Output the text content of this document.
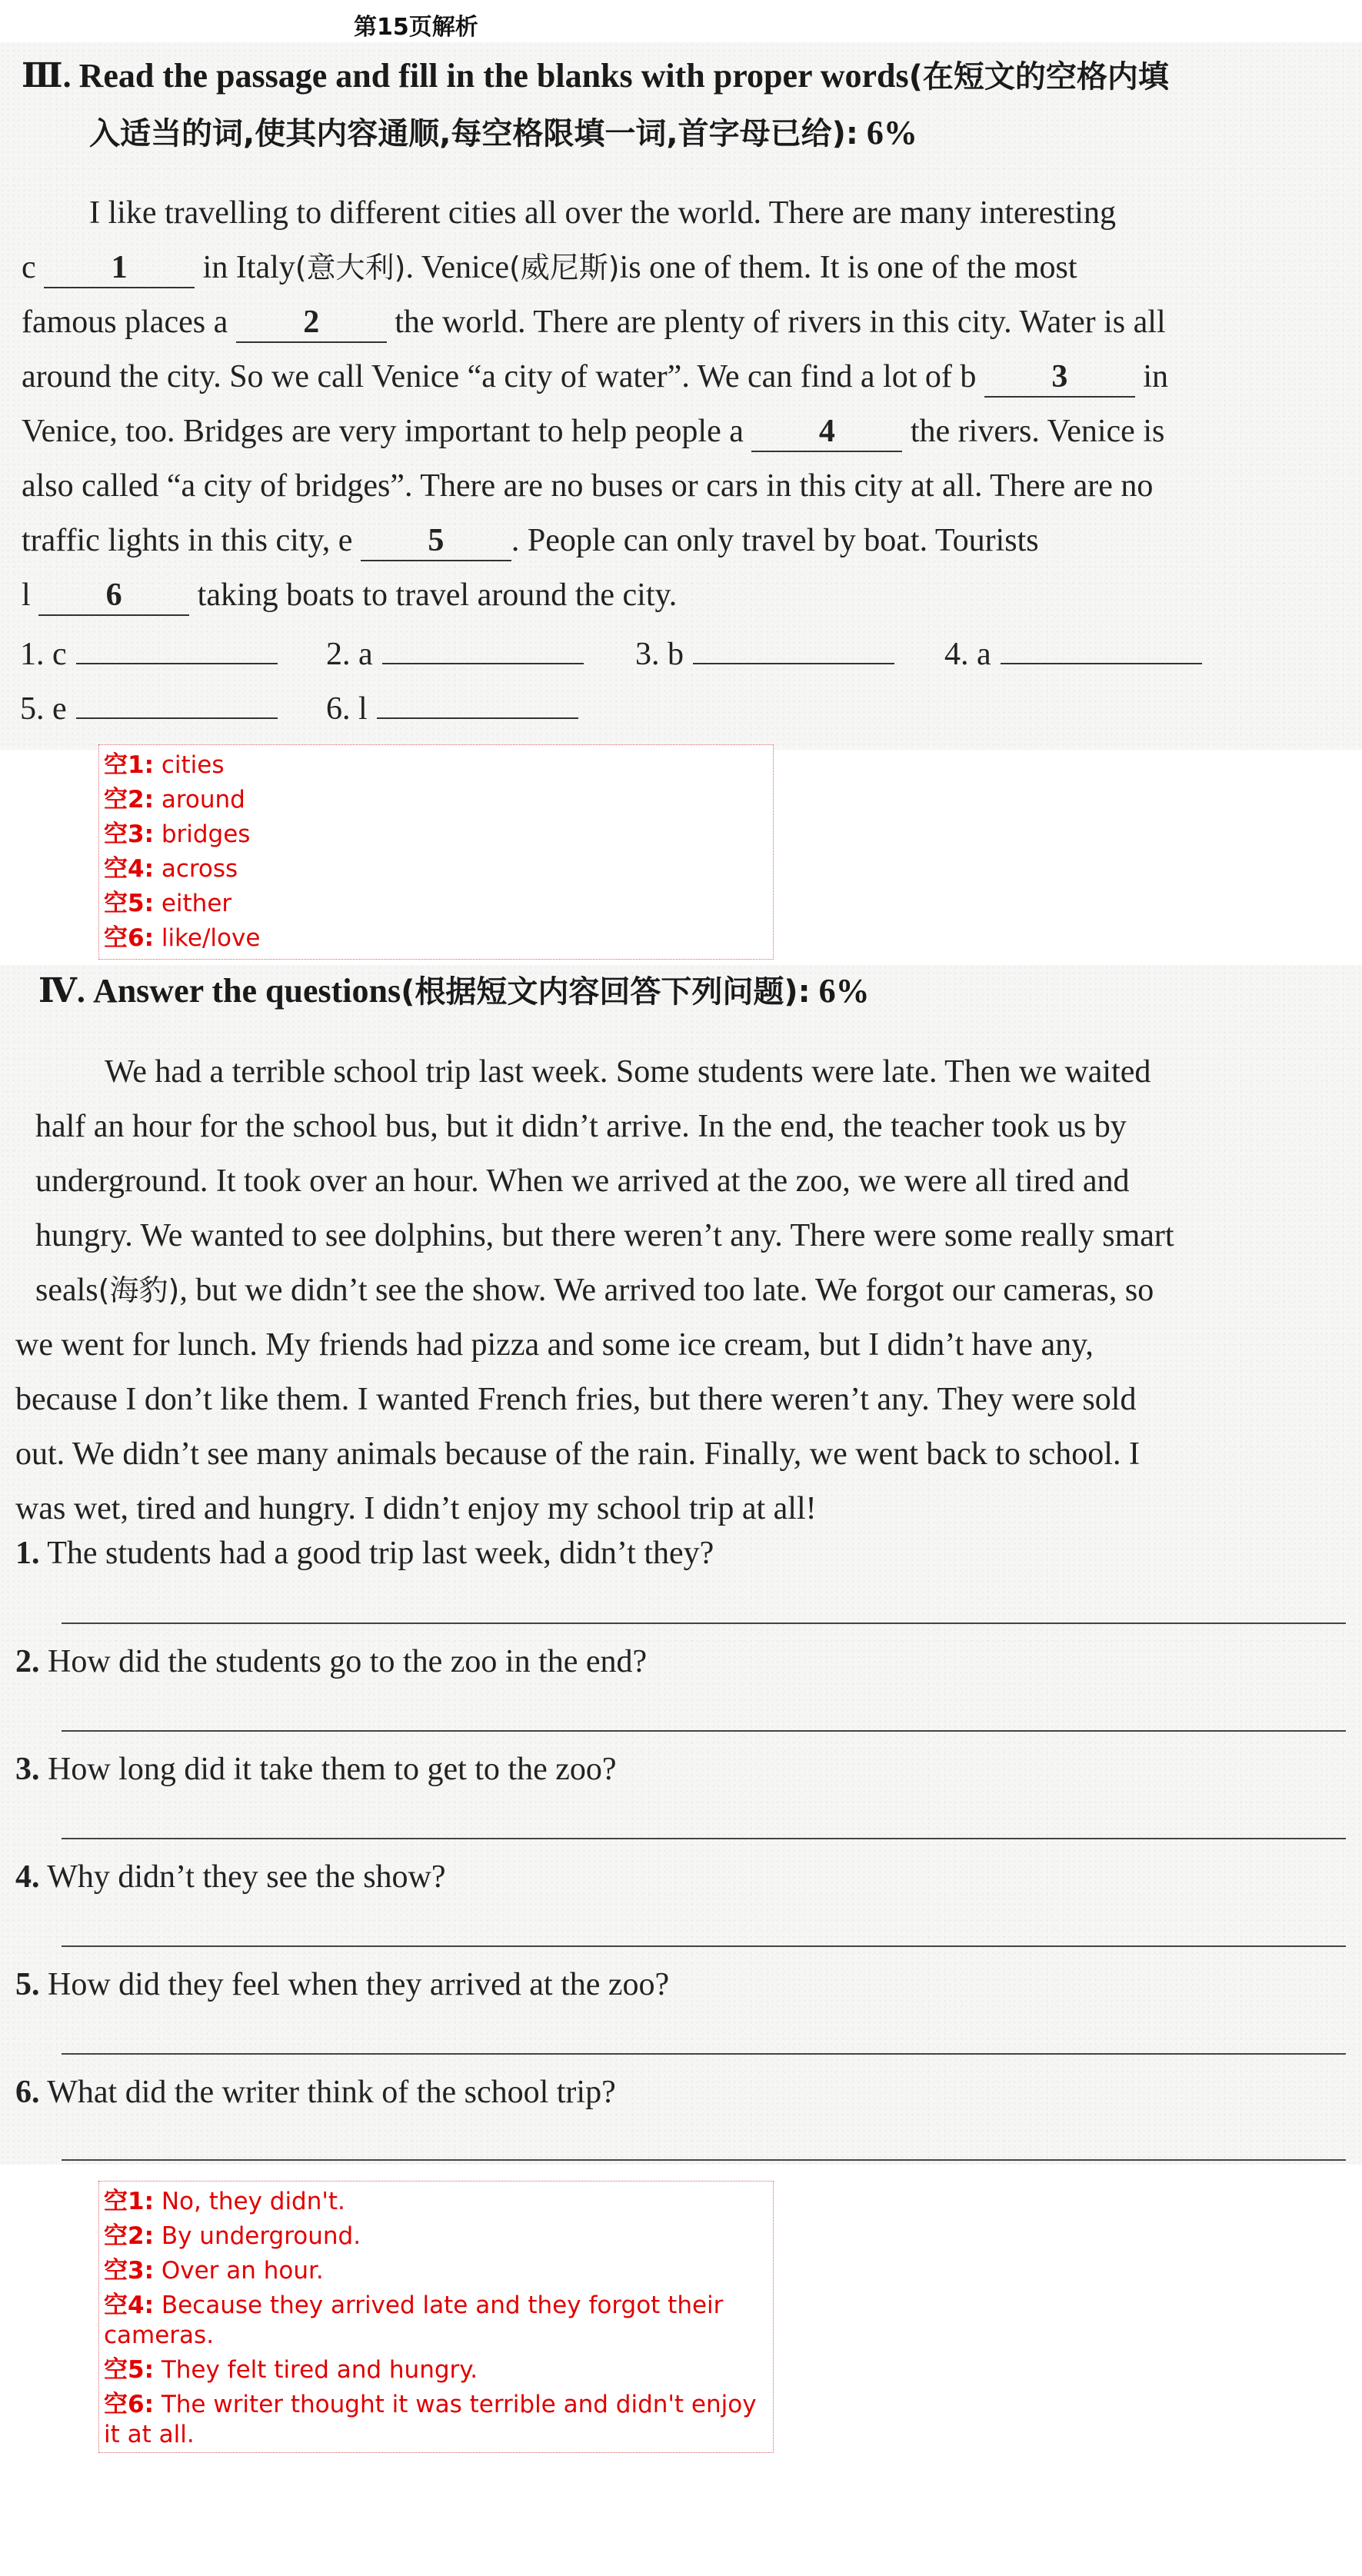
第15页解析
Ⅲ. Read the passage and fill in the blanks with proper words(在短文的空格内填
入适当的词,使其内容通顺,每空格限填一词,首字母已给): 6%
I like travelling to different cities all over the world. There are many interesting
c 1 in Italy(意大利). Venice(威尼斯)is one of them. It is one of the most
famous places a 2 the world. There are plenty of rivers in this city. Water is all
around the city. So we call Venice “a city of water”. We can find a lot of b 3 in
Venice, too. Bridges are very important to help people a 4 the rivers. Venice is
also called “a city of bridges”. There are no buses or cars in this city at all. There are no
traffic lights in this city, e 5 . People can only travel by boat. Tourists
l 6 taking boats to travel around the city.
1. c	2. a	3. b	4. a
5. e	6. l
空1: cities
空2: around
空3: bridges
空4: across
空5: either
空6: like/love
Ⅳ. Answer the questions(根据短文内容回答下列问题): 6%
We had a terrible school trip last week. Some students were late. Then we waited
half an hour for the school bus, but it didn’t arrive. In the end, the teacher took us by
underground. It took over an hour. When we arrived at the zoo, we were all tired and
hungry. We wanted to see dolphins, but there weren’t any. There were some really smart
seals(海豹), but we didn’t see the show. We arrived too late. We forgot our cameras, so
we went for lunch. My friends had pizza and some ice cream, but I didn’t have any,
because I don’t like them. I wanted French fries, but there weren’t any. They were sold
out. We didn’t see many animals because of the rain. Finally, we went back to school. I
was wet, tired and hungry. I didn’t enjoy my school trip at all!
1. The students had a good trip last week, didn’t they?
2. How did the students go to the zoo in the end?
3. How long did it take them to get to the zoo?
4. Why didn’t they see the show?
5. How did they feel when they arrived at the zoo?
6. What did the writer think of the school trip?
空1: No, they didn't.
空2: By underground.
空3: Over an hour.
空4: Because they arrived late and they forgot their cameras.
空5: They felt tired and hungry.
空6: The writer thought it was terrible and didn't enjoy it at all.
